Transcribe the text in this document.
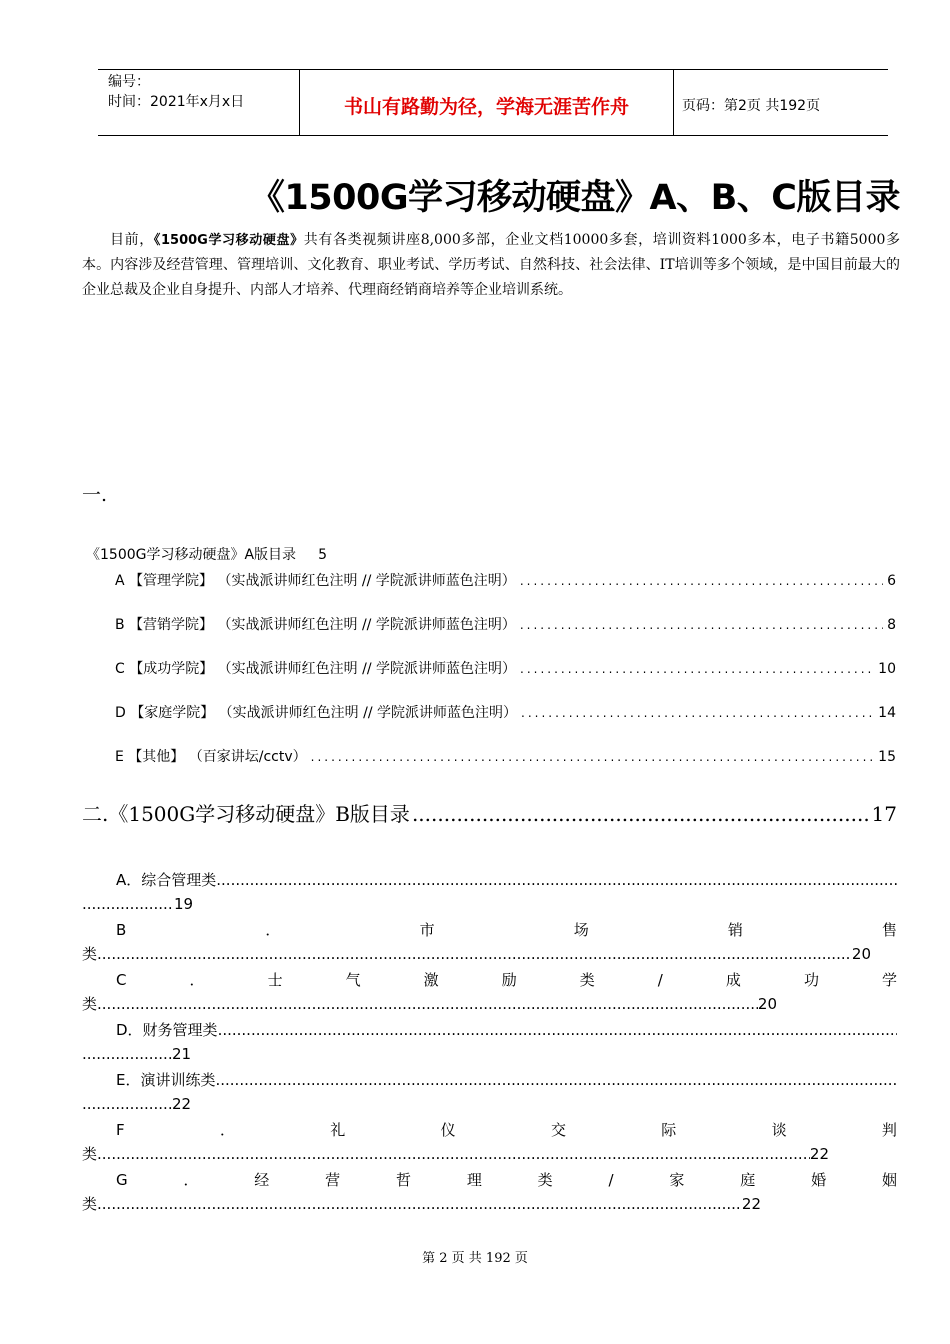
编号：
时间：2021年x月x日	书山有路勤为径，学海无涯苦作舟	页码：第2页 共192页
《1500G学习移动硬盘》A、B、C版目录
目前，《1500G学习移动硬盘》共有各类视频讲座8,000多部，企业文档10000多套，培训资料1000多本，电子书籍5000多本。内容涉及经营管理、管理培训、文化教育、职业考试、学历考试、自然科技、社会法律、IT培训等多个领域，是中国目前最大的企业总裁及企业自身提升、内部人才培养、代理商经销商培养等企业培训系统。
一.
《1500G学习移动硬盘》A版目录 5
A 【管理学院】 （实战派讲师红色注明 // 学院派讲师蓝色注明） .....	6
B 【营销学院】 （实战派讲师红色注明 // 学院派讲师蓝色注明） .....	8
C 【成功学院】 （实战派讲师红色注明 // 学院派讲师蓝色注明） .....	10
D 【家庭学院】 （实战派讲师红色注明 // 学院派讲师蓝色注明） .....	14
E 【其他】 （百家讲坛/cctv） .....	15
二.《1500G学习移动硬盘》B版目录 .....	17
A．综合管理类
.....
.....
19
B	．	市	场	销	售
类 .....	20
C	．	士	气	激	励	类	/	成	功	学
类 .....	20
D．财务管理类
.....
.....
21
E．演讲训练类
.....
.....
22
F	．	礼	仪	交	际	谈	判
类 .....	22
G	．	经	营	哲	理	类	/	家	庭	婚	姻
类 .....	22
第 2 页 共 192 页
